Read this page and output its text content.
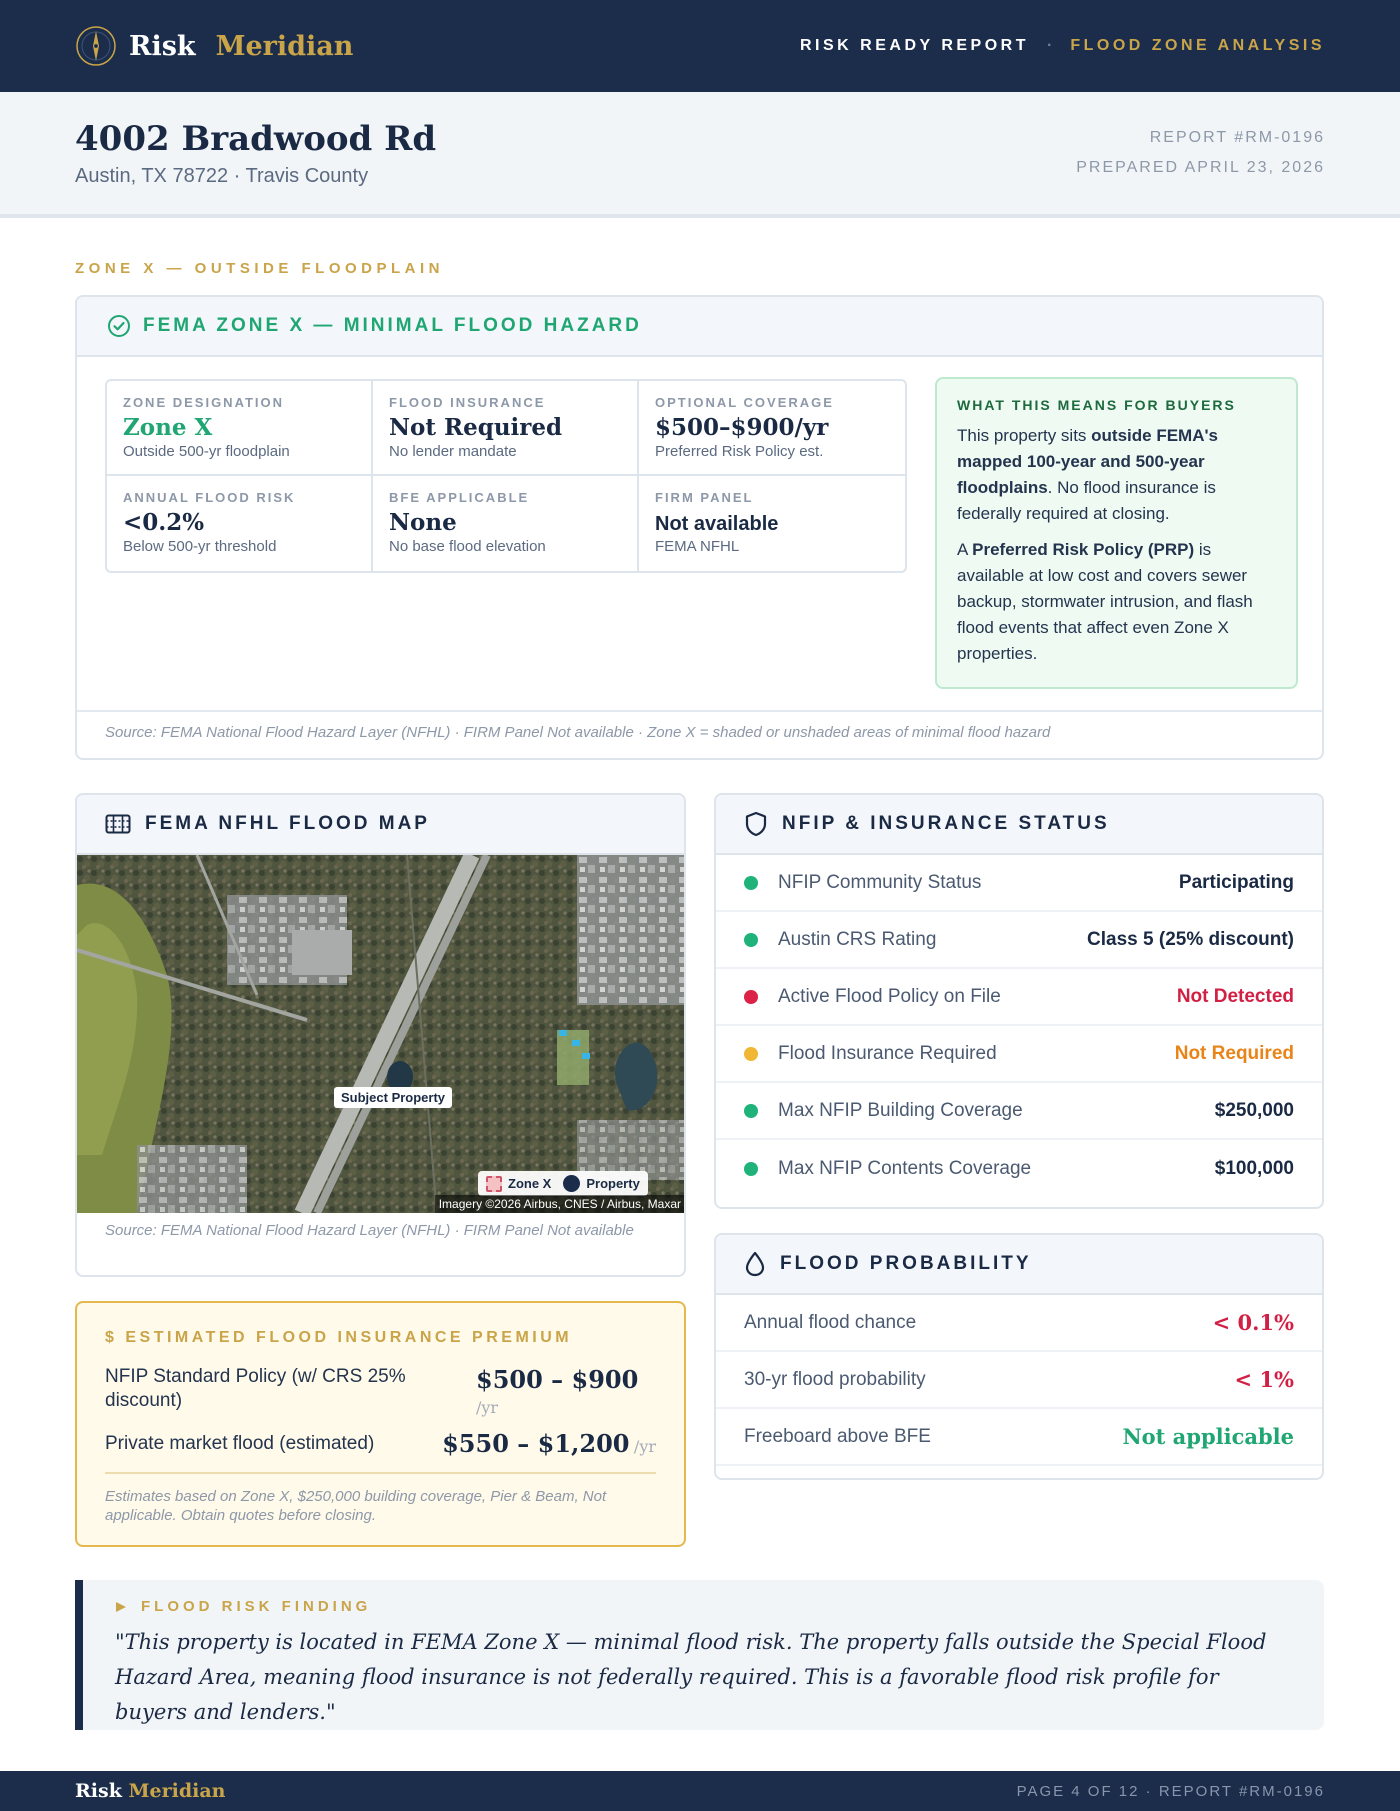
Risk Meridian	RISK READY REPORT · FLOOD ZONE ANALYSIS
4002 Bradwood Rd
Austin, TX 78722 · Travis County
REPORT #RM-0196
PREPARED APRIL 23, 2026
ZONE X — OUTSIDE FLOODPLAIN
FEMA ZONE X — MINIMAL FLOOD HAZARD
ZONE DESIGNATION
Zone X
Outside 500-yr floodplain
FLOOD INSURANCE
Not Required
No lender mandate
OPTIONAL COVERAGE
$500–$900/yr
Preferred Risk Policy est.
ANNUAL FLOOD RISK
<0.2%
Below 500-yr threshold
BFE APPLICABLE
None
No base flood elevation
FIRM PANEL
Not available
FEMA NFHL
WHAT THIS MEANS FOR BUYERS

This property sits outside FEMA's mapped 100-year and 500-year floodplains. No flood insurance is federally required at closing.

A Preferred Risk Policy (PRP) is available at low cost and covers sewer backup, stormwater intrusion, and flash flood events that affect even Zone X properties.

Source: FEMA National Flood Hazard Layer (NFHL) · FIRM Panel Not available · Zone X = shaded or unshaded areas of minimal flood hazard
FEMA NFHL FLOOD MAP
Subject Property
Zone X	Property
Imagery ©2026 Airbus, CNES / Airbus, Maxar
Source: FEMA National Flood Hazard Layer (NFHL) · FIRM Panel Not available
NFIP & INSURANCE STATUS
NFIP Community Status	Participating
Austin CRS Rating	Class 5 (25% discount)
Active Flood Policy on File	Not Detected
Flood Insurance Required	Not Required
Max NFIP Building Coverage	$250,000
Max NFIP Contents Coverage	$100,000
FLOOD PROBABILITY
Annual flood chance	< 0.1%
30-yr flood probability	< 1%
Freeboard above BFE	Not applicable
$ ESTIMATED FLOOD INSURANCE PREMIUM
NFIP Standard Policy (w/ CRS 25% discount)
$500 – $900
/yr
Private market flood (estimated)	$550 – $1,200 /yr
Estimates based on Zone X, $250,000 building coverage, Pier & Beam, Not applicable. Obtain quotes before closing.
FLOOD RISK FINDING
"This property is located in FEMA Zone X — minimal flood risk. The property falls outside the Special Flood Hazard Area, meaning flood insurance is not federally required. This is a favorable flood risk profile for buyers and lenders."
Risk Meridian	PAGE 4 OF 12 · REPORT #RM-0196
